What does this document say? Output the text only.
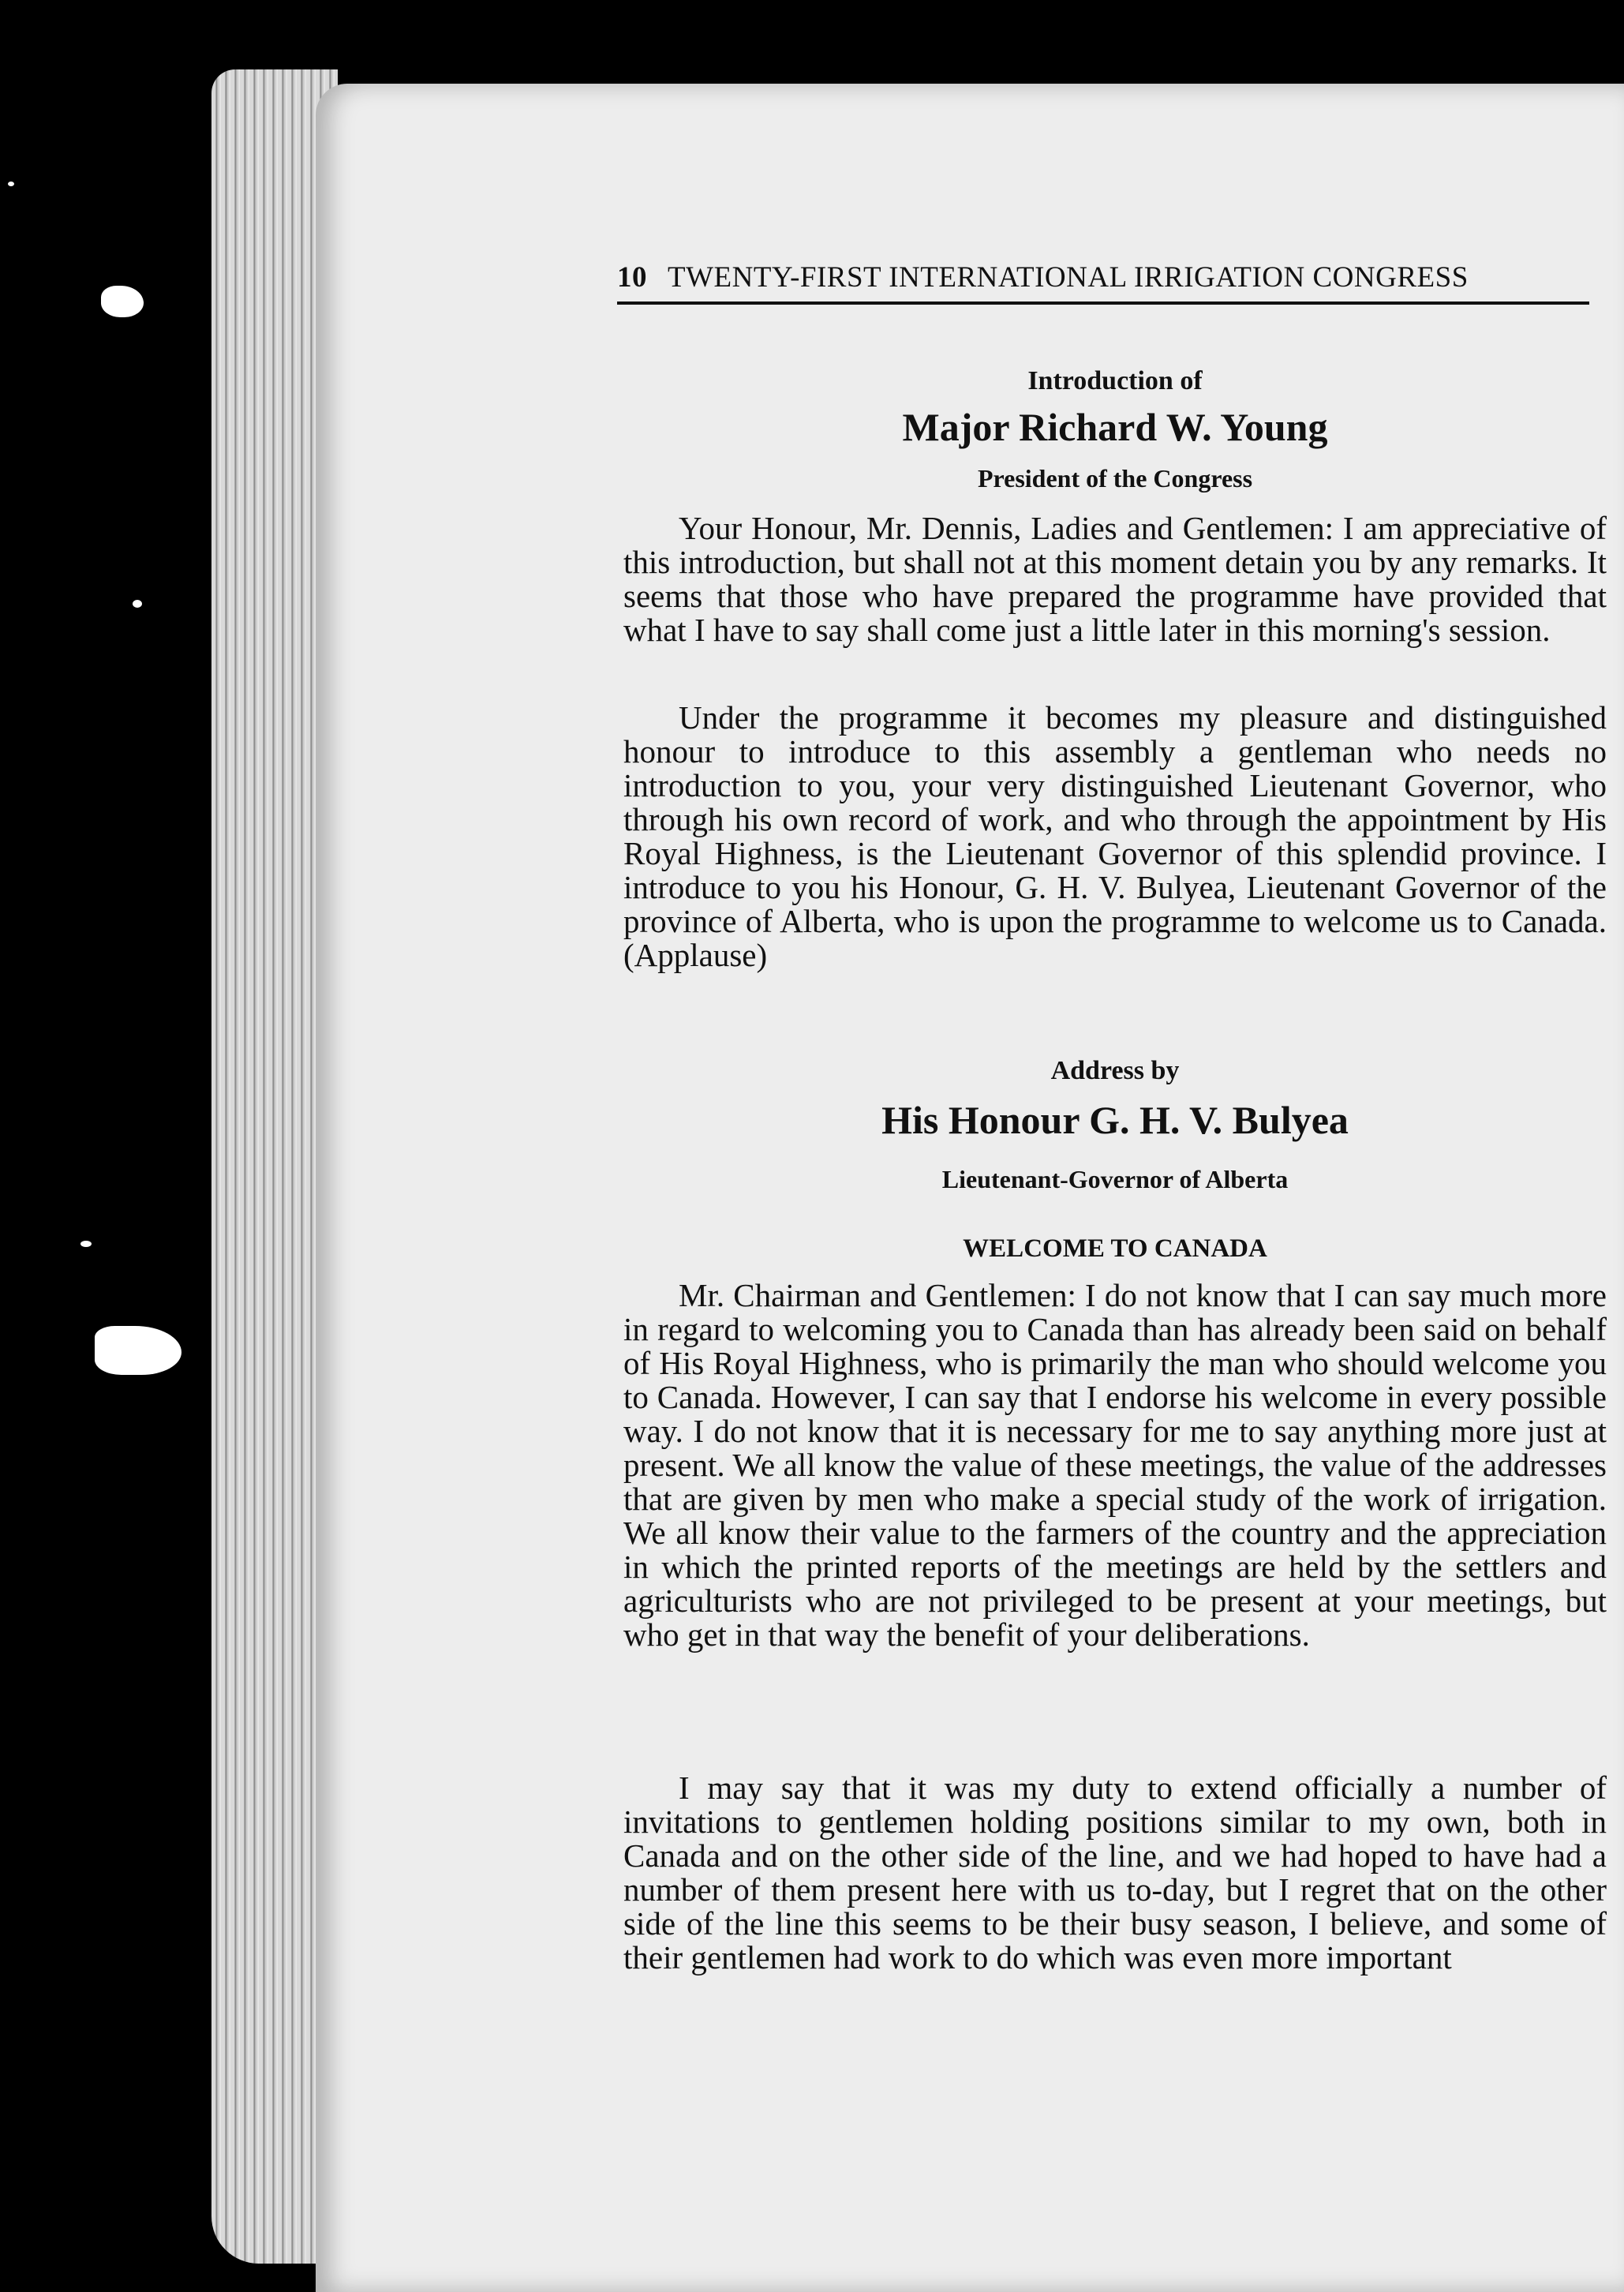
10 TWENTY-FIRST INTERNATIONAL IRRIGATION CONGRESS
Introduction of
Major Richard W. Young
President of the Congress

Your Honour, Mr. Dennis, Ladies and Gentlemen: I am appreciative of this introduction, but shall not at this moment detain you by any remarks. It seems that those who have prepared the programme have provided that what I have to say shall come just a little later in this morning's session.

Under the programme it becomes my pleasure and distinguished honour to introduce to this assembly a gentleman who needs no introduction to you, your very distinguished Lieutenant Governor, who through his own record of work, and who through the appointment by His Royal Highness, is the Lieutenant Governor of this splendid province. I introduce to you his Honour, G. H. V. Bulyea, Lieutenant Governor of the province of Alberta, who is upon the programme to welcome us to Canada. (Applause)

Address by
His Honour G. H. V. Bulyea
Lieutenant-Governor of Alberta
WELCOME TO CANADA

Mr. Chairman and Gentlemen: I do not know that I can say much more in regard to welcoming you to Canada than has already been said on behalf of His Royal Highness, who is primarily the man who should welcome you to Canada. However, I can say that I endorse his welcome in every possible way. I do not know that it is necessary for me to say anything more just at present. We all know the value of these meetings, the value of the addresses that are given by men who make a special study of the work of irrigation. We all know their value to the farmers of the country and the appreciation in which the printed reports of the meetings are held by the settlers and agriculturists who are not privileged to be present at your meetings, but who get in that way the benefit of your deliberations.

I may say that it was my duty to extend officially a number of invitations to gentlemen holding positions similar to my own, both in Canada and on the other side of the line, and we had hoped to have had a number of them present here with us to-day, but I regret that on the other side of the line this seems to be their busy season, I believe, and some of their gentlemen had work to do which was even more important
